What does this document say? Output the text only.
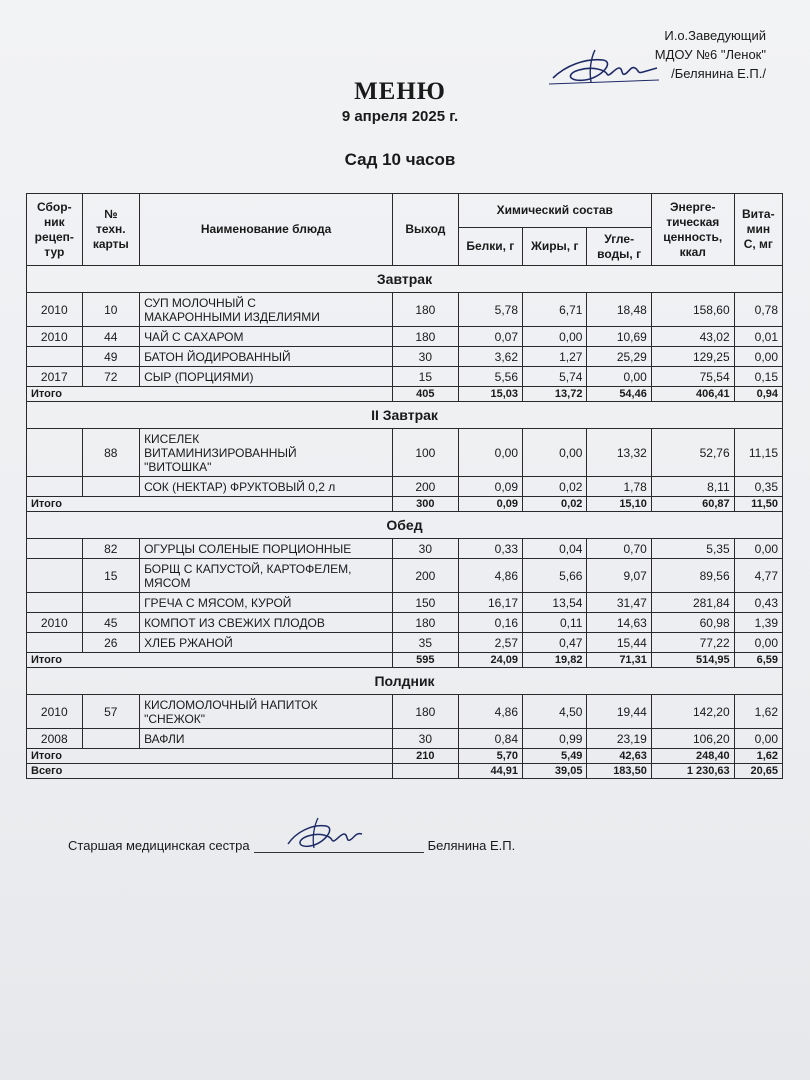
И.о.Заведующий
МДОУ №6 "Ленок"
/Белянина Е.П./
МЕНЮ
9 апреля 2025 г.
Сад 10 часов
Сбор-
ник
рецеп-
тур	№
техн.
карты	Наименование блюда	Выход	Химический состав			Энерге-
тическая
ценность,
ккал	Вита-
мин
С, мг
				Белки, г	Жиры, г	Угле-
воды, г		
Завтрак								
2010	10	СУП МОЛОЧНЫЙ С
МАКАРОННЫМИ ИЗДЕЛИЯМИ	180	5,78	6,71	18,48	158,60	0,78
2010	44	ЧАЙ С САХАРОМ	180	0,07	0,00	10,69	43,02	0,01
	49	БАТОН ЙОДИРОВАННЫЙ	30	3,62	1,27	25,29	129,25	0,00
2017	72	СЫР (ПОРЦИЯМИ)	15	5,56	5,74	0,00	75,54	0,15
Итого			405	15,03	13,72	54,46	406,41	0,94
II Завтрак								
	88	КИСЕЛЕК
ВИТАМИНИЗИРОВАННЫЙ
"ВИТОШКА"	100	0,00	0,00	13,32	52,76	11,15
		СОК (НЕКТАР) ФРУКТОВЫЙ 0,2 л	200	0,09	0,02	1,78	8,11	0,35
Итого			300	0,09	0,02	15,10	60,87	11,50
Обед								
	82	ОГУРЦЫ СОЛЕНЫЕ ПОРЦИОННЫЕ	30	0,33	0,04	0,70	5,35	0,00
	15	БОРЩ С КАПУСТОЙ, КАРТОФЕЛЕМ,
МЯСОМ	200	4,86	5,66	9,07	89,56	4,77
		ГРЕЧА С МЯСОМ, КУРОЙ	150	16,17	13,54	31,47	281,84	0,43
2010	45	КОМПОТ ИЗ СВЕЖИХ ПЛОДОВ	180	0,16	0,11	14,63	60,98	1,39
	26	ХЛЕБ РЖАНОЙ	35	2,57	0,47	15,44	77,22	0,00
Итого			595	24,09	19,82	71,31	514,95	6,59
Полдник								
2010	57	КИСЛОМОЛОЧНЫЙ НАПИТОК
"СНЕЖОК"	180	4,86	4,50	19,44	142,20	1,62
2008		ВАФЛИ	30	0,84	0,99	23,19	106,20	0,00
Итого			210	5,70	5,49	42,63	248,40	1,62
Всего				44,91	39,05	183,50	1 230,63	20,65
Старшая медицинская сестра	Белянина Е.П.
